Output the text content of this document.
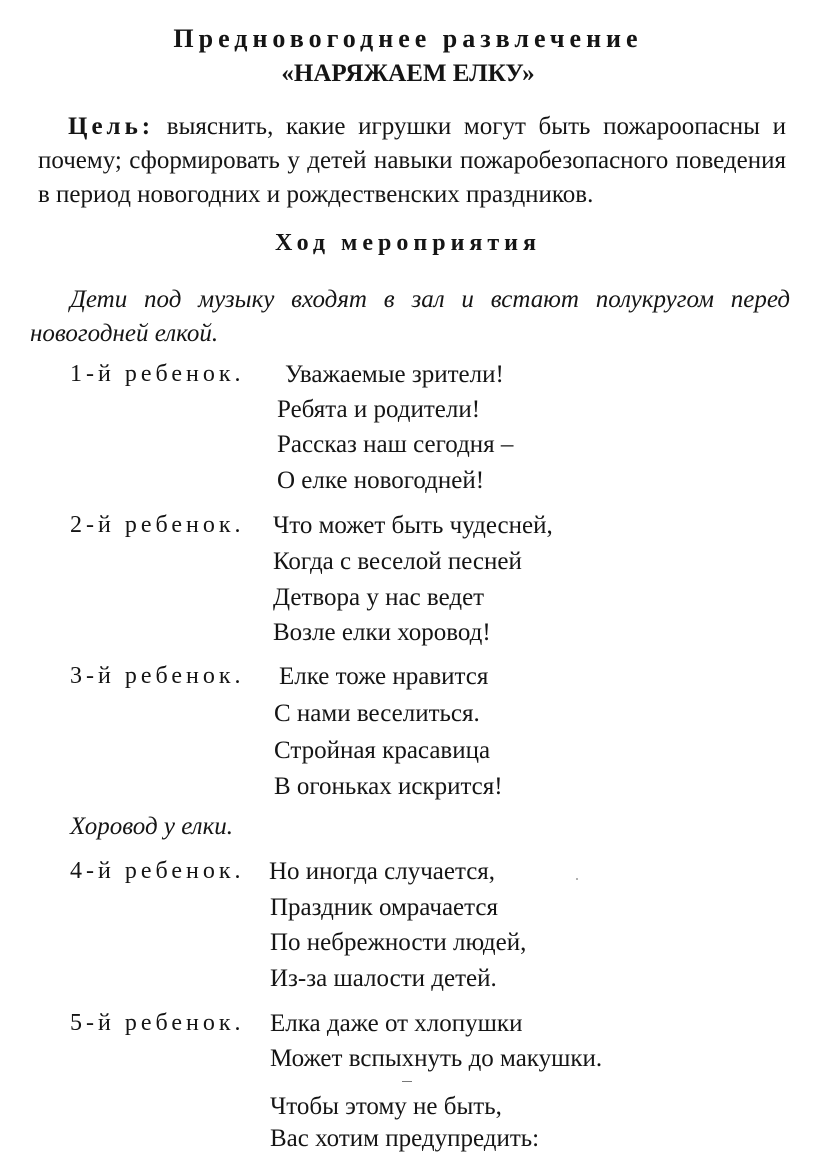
Предновогоднее развлечение
«НАРЯЖАЕМ ЕЛКУ»
Цель: выяснить, какие игрушки могут быть пожароопасны и почему; сформировать у детей навыки пожаробезопасного поведения в период новогодних и рождественских праздников.
Ход мероприятия
Дети под музыку входят в зал и встают полукругом перед новогодней елкой.
1-й ребенок. Уважаемые зрители!
Ребята и родители!
Рассказ наш сегодня –
О елке новогодней!
2-й ребенок. Что может быть чудесней,
Когда с веселой песней
Детвора у нас ведет
Возле елки хоровод!
3-й ребенок. Елке тоже нравится
С нами веселиться.
Стройная красавица
В огоньках искрится!
Хоровод у елки.
4-й ребенок. Но иногда случается,
Праздник омрачается
По небрежности людей,
Из-за шалости детей.
5-й ребенок. Елка даже от хлопушки
Может вспыхнуть до макушки.
Чтобы этому не быть,
Вас хотим предупредить:
